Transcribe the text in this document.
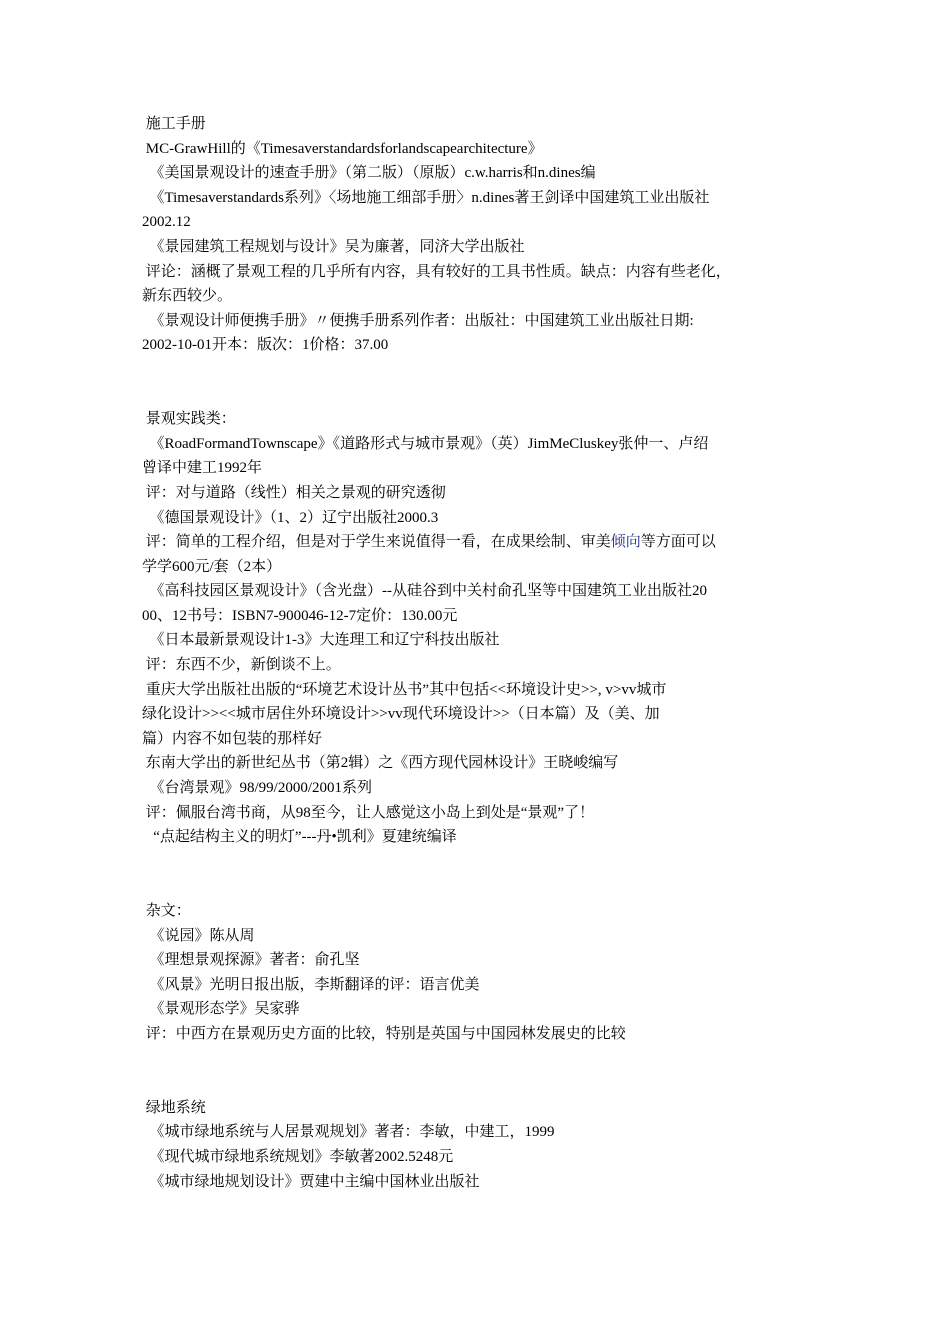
施工手册
MC-GrawHill的《Timesaverstandardsforlandscapearchitecture》
《美国景观设计的速查手册》（第二版）（原版）c.w.harris和n.dines编
《Timesaverstandards系列》〈场地施工细部手册〉n.dines著王剑译中国建筑工业出版社
2002.12
《景园建筑工程规划与设计》吴为廉著，同济大学出版社
评论：涵概了景观工程的几乎所有内容，具有较好的工具书性质。缺点：内容有些老化，
新东西较少。
《景观设计师便携手册》〃便携手册系列作者：出版社：中国建筑工业出版社日期:
2002-10-01开本：版次：1价格：37.00
景观实践类：
《RoadFormandTownscape》《道路形式与城市景观》（英）JimMeCluskey张仲一、卢绍
曾译中建工1992年
评：对与道路（线性）相关之景观的研究透彻
《德国景观设计》（1、2）辽宁出版社2000.3
评：简单的工程介绍，但是对于学生来说值得一看，在成果绘制、审美倾向等方面可以
学学600元/套（2本）
《高科技园区景观设计》（含光盘）--从硅谷到中关村俞孔坚等中国建筑工业出版社20
00、12书号：ISBN7-900046-12-7定价：130.00元
《日本最新景观设计1-3》大连理工和辽宁科技出版社
评：东西不少，新倒谈不上。
重庆大学出版社出版的“环境艺术设计丛书”其中包括<<环境设计史>>, v>vv城市
绿化设计>><<城市居住外环境设计>>vv现代环境设计>>（日本篇）及（美、加
篇）内容不如包装的那样好
东南大学出的新世纪丛书（第2辑）之《西方现代园林设计》王晓峻编写
《台湾景观》98/99/2000/2001系列
评：佩服台湾书商，从98至今，让人感觉这小岛上到处是“景观”了！
“点起结构主义的明灯”---丹•凯利》夏建统编译
杂文：
《说园》陈从周
《理想景观探源》著者：俞孔坚
《风景》光明日报出版，李斯翻译的评：语言优美
《景观形态学》吴家骅
评：中西方在景观历史方面的比较，特别是英国与中国园林发展史的比较
绿地系统
《城市绿地系统与人居景观规划》著者：李敏，中建工，1999
《现代城市绿地系统规划》李敏著2002.5248元
《城市绿地规划设计》贾建中主编中国林业出版社
